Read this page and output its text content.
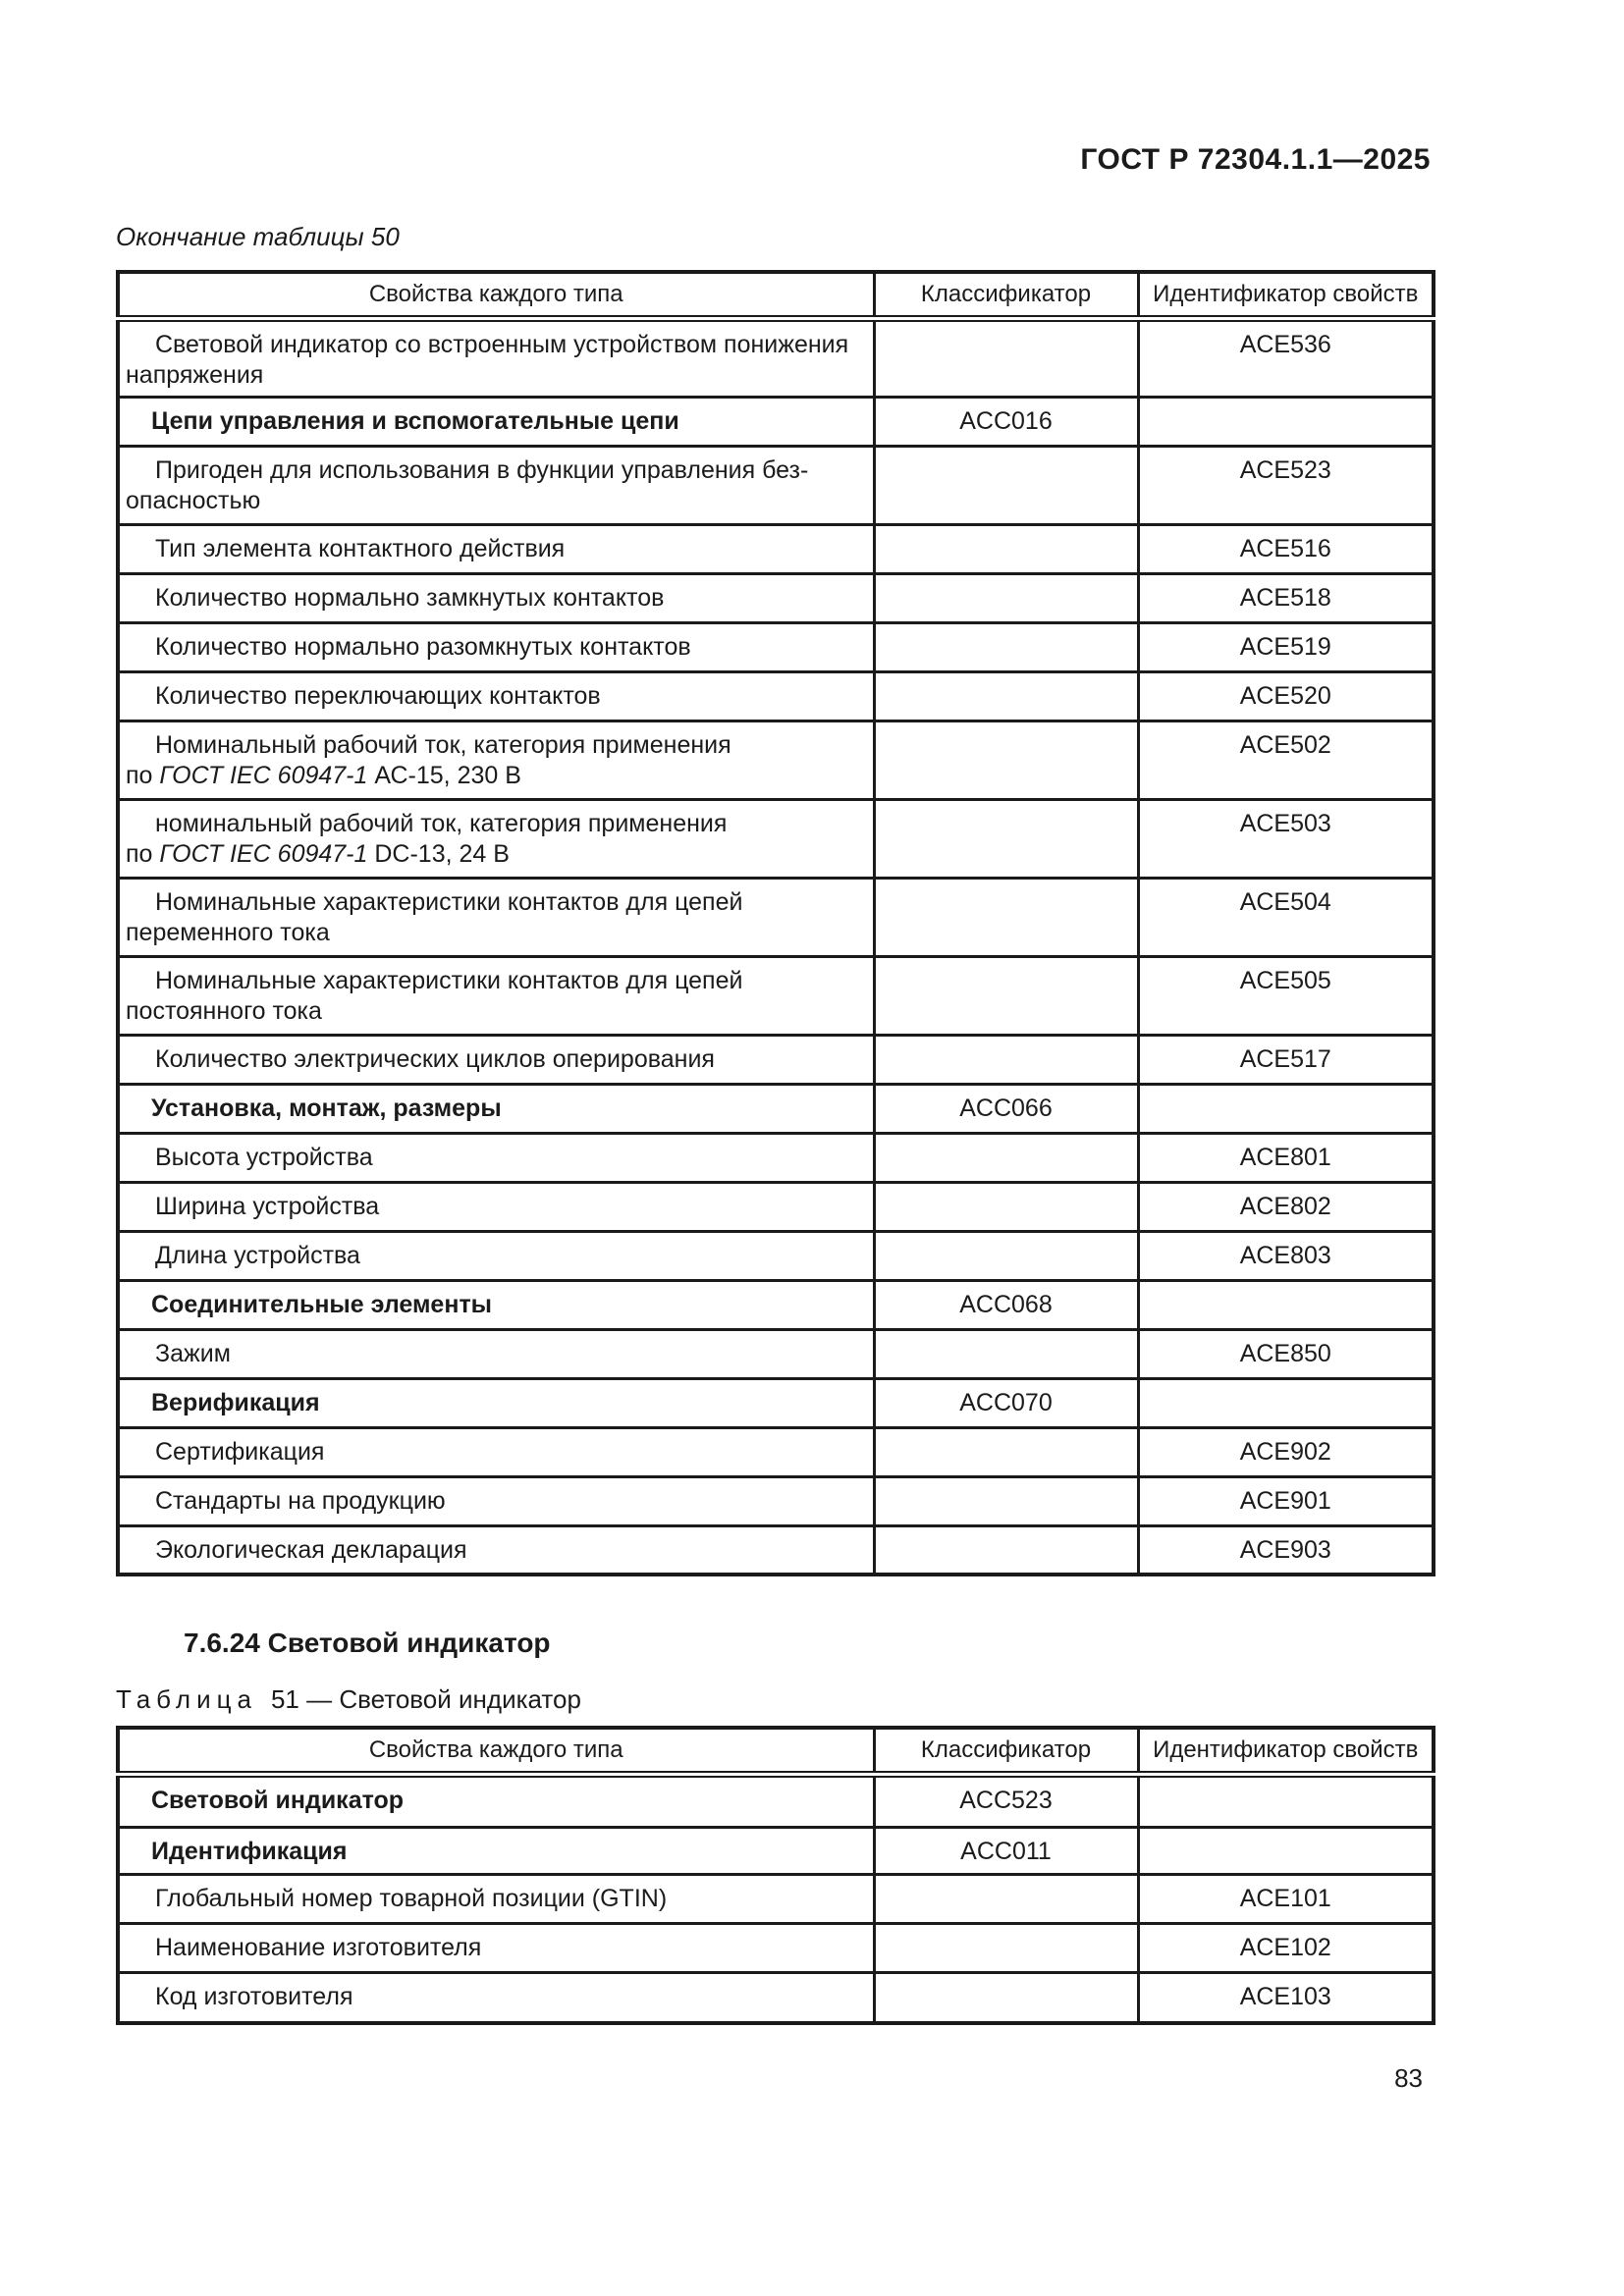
ГОСТ Р 72304.1.1—2025
Окончание таблицы 50
Свойства каждого типа	Классификатор	Идентификатор свойств

Световой индикатор со встроенным устройством понижения
напряжения		ACE536

Цепи управления и вспомогательные цепи	ACC016	

Пригоден для использования в функции управления без-
опасностью		ACE523

Тип элемента контактного действия		ACE516

Количество нормально замкнутых контактов		ACE518

Количество нормально разомкнутых контактов		ACE519

Количество переключающих контактов		ACE520

Номинальный рабочий ток, категория применения
по ГОСТ IEC 60947-1 АС-15, 230 В		ACE502

номинальный рабочий ток, категория применения
по ГОСТ IEC 60947-1 DC-13, 24 В		ACE503

Номинальные характеристики контактов для цепей
переменного тока		ACE504

Номинальные характеристики контактов для цепей
постоянного тока		ACE505

Количество электрических циклов оперирования		ACE517

Установка, монтаж, размеры	ACC066	

Высота устройства		ACE801

Ширина устройства		ACE802

Длина устройства		ACE803

Соединительные элементы	ACC068	

Зажим		ACE850

Верификация	ACC070	

Сертификация		ACE902

Стандарты на продукцию		ACE901

Экологическая декларация		ACE903
7.6.24 Световой индикатор
Таблица 51 — Световой индикатор
Свойства каждого типа	Классификатор	Идентификатор свойств

Световой индикатор	ACC523	

Идентификация	ACC011	

Глобальный номер товарной позиции (GTIN)		ACE101

Наименование изготовителя		ACE102

Код изготовителя		ACE103
83
